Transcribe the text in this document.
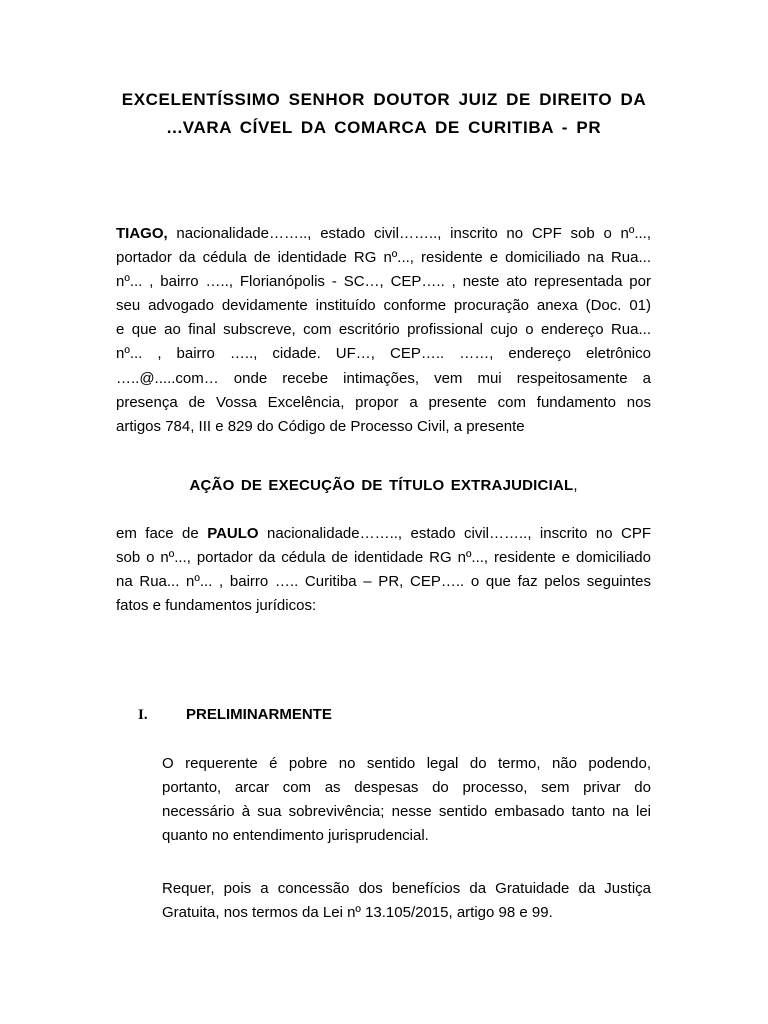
EXCELENTÍSSIMO SENHOR DOUTOR JUIZ DE DIREITO DA
...VARA CÍVEL DA COMARCA DE CURITIBA - PR
TIAGO, nacionalidade…….., estado civil…….., inscrito no CPF sob o nº...,
portador da cédula de identidade RG nº..., residente e domiciliado na Rua...
nº... , bairro ….., Florianópolis - SC…, CEP….. , neste ato representada por
seu advogado devidamente instituído conforme procuração anexa (Doc. 01)
e que ao final subscreve, com escritório profissional cujo o endereço Rua...
nº... , bairro ….., cidade. UF…, CEP….. ……, endereço eletrônico
…..@.....com… onde recebe intimações, vem mui respeitosamente a
presença de Vossa Excelência, propor a presente com fundamento nos
artigos 784, III e 829 do Código de Processo Civil, a presente
AÇÃO DE EXECUÇÃO DE TÍTULO EXTRAJUDICIAL,
em face de PAULO nacionalidade…….., estado civil…….., inscrito no CPF
sob o nº..., portador da cédula de identidade RG nº..., residente e domiciliado
na Rua... nº... , bairro ….. Curitiba – PR, CEP….. o que faz pelos seguintes
fatos e fundamentos jurídicos:
I.	PRELIMINARMENTE
O requerente é pobre no sentido legal do termo, não podendo,
portanto, arcar com as despesas do processo, sem privar do
necessário à sua sobrevivência; nesse sentido embasado tanto na lei
quanto no entendimento jurisprudencial.
Requer, pois a concessão dos benefícios da Gratuidade da Justiça
Gratuita, nos termos da Lei nº 13.105/2015, artigo 98 e 99.
